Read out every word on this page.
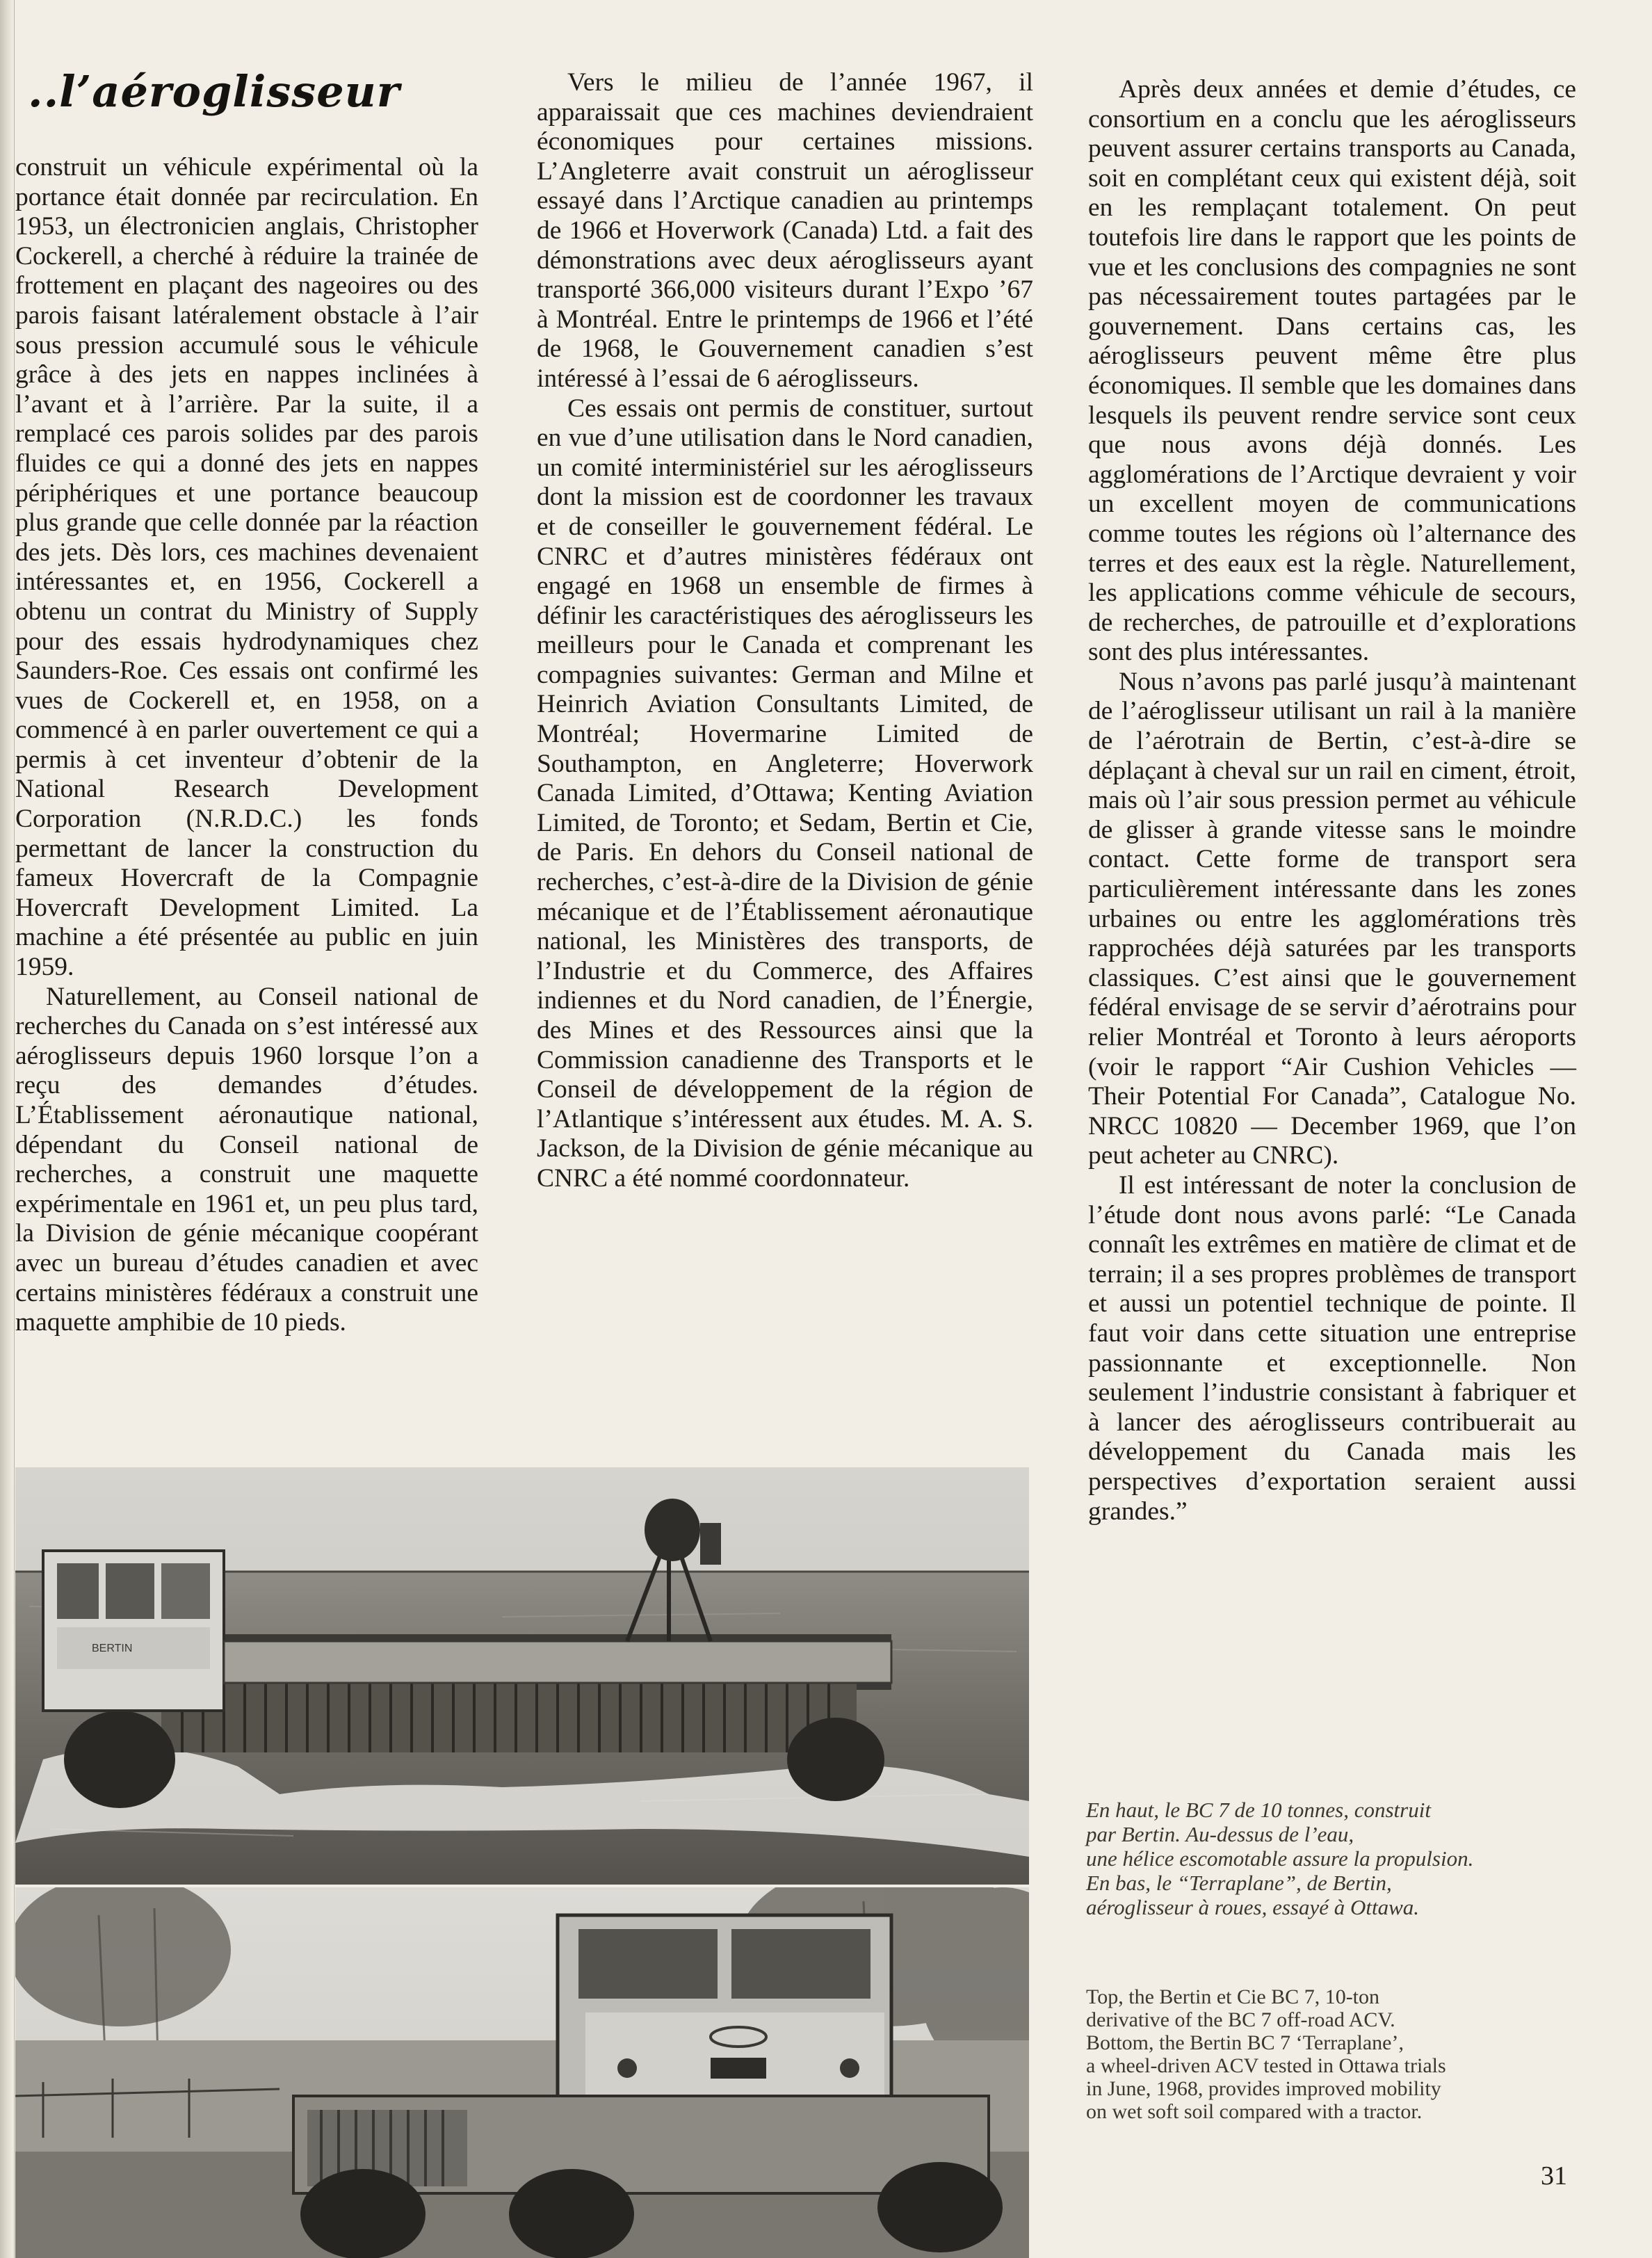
..l’aéroglisseur

construit un véhicule expérimental où la portance était donnée par recirculation. En 1953, un électronicien anglais, Christopher Cockerell, a cherché à réduire la trainée de frottement en plaçant des nageoires ou des parois faisant latéralement obstacle à l’air sous pression accumulé sous le véhicule grâce à des jets en nappes inclinées à l’avant et à l’arrière. Par la suite, il a remplacé ces parois solides par des parois fluides ce qui a donné des jets en nappes périphériques et une portance beaucoup plus grande que celle donnée par la réaction des jets. Dès lors, ces machines devenaient intéressantes et, en 1956, Cockerell a obtenu un contrat du Ministry of Supply pour des essais hydrodynamiques chez Saunders-Roe. Ces essais ont confirmé les vues de Cockerell et, en 1958, on a commencé à en parler ouvertement ce qui a permis à cet inventeur d’obtenir de la National Research Development Corporation (N.R.D.C.) les fonds permettant de lancer la construction du fameux Hovercraft de la Compagnie Hovercraft Development Limited. La machine a été présentée au public en juin 1959.

Naturellement, au Conseil national de recherches du Canada on s’est intéressé aux aéroglisseurs depuis 1960 lorsque l’on a reçu des demandes d’études. L’Établissement aéronautique national, dépendant du Conseil national de recherches, a construit une maquette expérimentale en 1961 et, un peu plus tard, la Division de génie mécanique coopérant avec un bureau d’études canadien et avec certains ministères fédéraux a construit une maquette amphibie de 10 pieds.

Vers le milieu de l’année 1967, il apparaissait que ces machines deviendraient économiques pour certaines missions. L’Angleterre avait construit un aéroglisseur essayé dans l’Arctique canadien au printemps de 1966 et Hoverwork (Canada) Ltd. a fait des démonstrations avec deux aéroglisseurs ayant transporté 366,000 visiteurs durant l’Expo ’67 à Montréal. Entre le printemps de 1966 et l’été de 1968, le Gouvernement canadien s’est intéressé à l’essai de 6 aéroglisseurs.

Ces essais ont permis de constituer, surtout en vue d’une utilisation dans le Nord canadien, un comité interministériel sur les aéroglisseurs dont la mission est de coordonner les travaux et de conseiller le gouvernement fédéral. Le CNRC et d’autres ministères fédéraux ont engagé en 1968 un ensemble de firmes à définir les caractéristiques des aéroglisseurs les meilleurs pour le Canada et comprenant les compagnies suivantes: German and Milne et Heinrich Aviation Consultants Limited, de Montréal; Hovermarine Limited de Southampton, en Angleterre; Hoverwork Canada Limited, d’Ottawa; Kenting Aviation Limited, de Toronto; et Sedam, Bertin et Cie, de Paris. En dehors du Conseil national de recherches, c’est-à-dire de la Division de génie mécanique et de l’Établissement aéronautique national, les Ministères des transports, de l’Industrie et du Commerce, des Affaires indiennes et du Nord canadien, de l’Énergie, des Mines et des Ressources ainsi que la Commission canadienne des Transports et le Conseil de développement de la région de l’Atlantique s’intéressent aux études. M. A. S. Jackson, de la Division de génie mécanique au CNRC a été nommé coordonnateur.

Après deux années et demie d’études, ce consortium en a conclu que les aéroglisseurs peuvent assurer certains transports au Canada, soit en complétant ceux qui existent déjà, soit en les remplaçant totalement. On peut toutefois lire dans le rapport que les points de vue et les conclusions des compagnies ne sont pas nécessairement toutes partagées par le gouvernement. Dans certains cas, les aéroglisseurs peuvent même être plus économiques. Il semble que les domaines dans lesquels ils peuvent rendre service sont ceux que nous avons déjà donnés. Les agglomérations de l’Arctique devraient y voir un excellent moyen de communications comme toutes les régions où l’alternance des terres et des eaux est la règle. Naturellement, les applications comme véhicule de secours, de recherches, de patrouille et d’explorations sont des plus intéressantes.

Nous n’avons pas parlé jusqu’à maintenant de l’aéroglisseur utilisant un rail à la manière de l’aérotrain de Bertin, c’est-à-dire se déplaçant à cheval sur un rail en ciment, étroit, mais où l’air sous pression permet au véhicule de glisser à grande vitesse sans le moindre contact. Cette forme de transport sera particulièrement intéressante dans les zones urbaines ou entre les agglomérations très rapprochées déjà saturées par les transports classiques. C’est ainsi que le gouvernement fédéral envisage de se servir d’aérotrains pour relier Montréal et Toronto à leurs aéroports (voir le rapport “Air Cushion Vehicles — Their Potential For Canada”, Catalogue No. NRCC 10820 — December 1969, que l’on peut acheter au CNRC).

Il est intéressant de noter la conclusion de l’étude dont nous avons parlé: “Le Canada connaît les extrêmes en matière de climat et de terrain; il a ses propres problèmes de transport et aussi un potentiel technique de pointe. Il faut voir dans cette situation une entreprise passionnante et exceptionnelle. Non seulement l’industrie consistant à fabriquer et à lancer des aéroglisseurs contribuerait au développement du Canada mais les perspectives d’exportation seraient aussi grandes.”

BERTIN

En haut, le BC 7 de 10 tonnes, construit

par Bertin. Au-dessus de l’eau,

une hélice escomotable assure la propulsion.

En bas, le “Terraplane”, de Bertin,

aéroglisseur à roues, essayé à Ottawa.

Top, the Bertin et Cie BC 7, 10-ton

derivative of the BC 7 off-road ACV.

Bottom, the Bertin BC 7 ‘Terraplane’,

a wheel-driven ACV tested in Ottawa trials

in June, 1968, provides improved mobility

on wet soft soil compared with a tractor.

31
